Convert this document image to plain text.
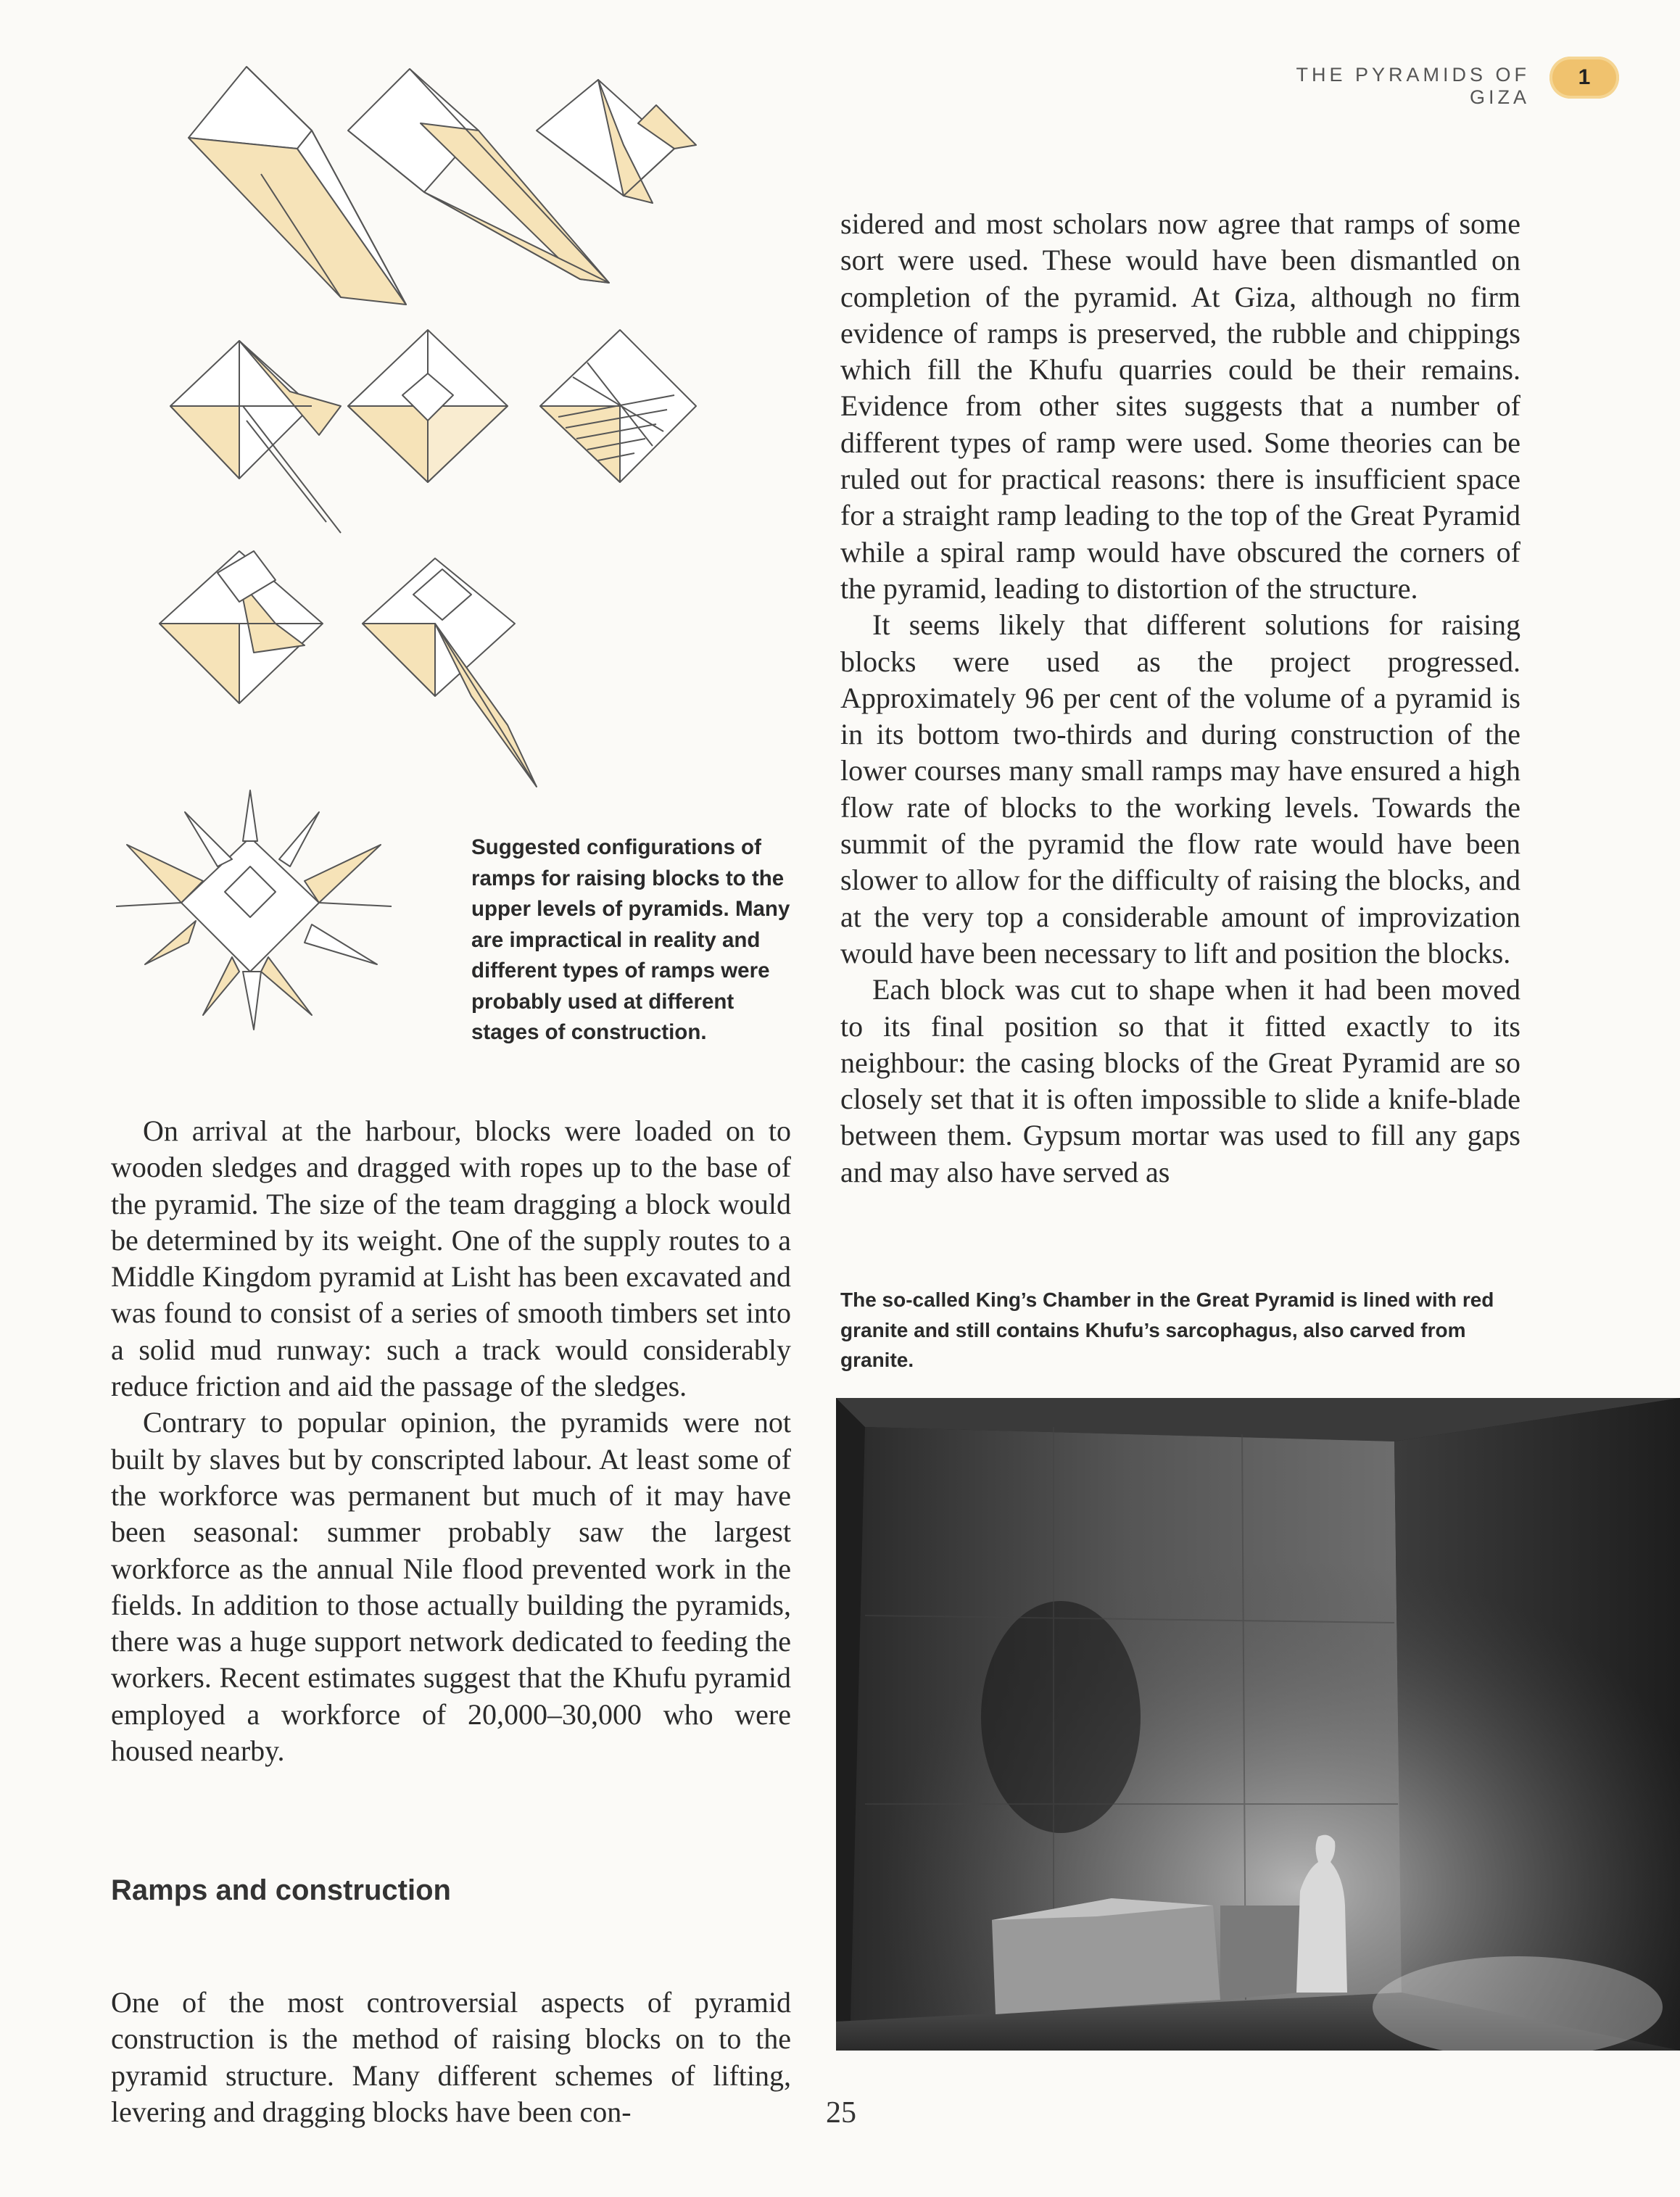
THE PYRAMIDS OF GIZA
1
Suggested configurations of ramps for raising blocks to the upper levels of pyramids. Many are impractical in reality and different types of ramps were probably used at different stages of construction.

On arrival at the harbour, blocks were loaded on to wooden sledges and dragged with ropes up to the base of the pyramid. The size of the team dragging a block would be determined by its weight. One of the supply routes to a Middle Kingdom pyramid at Lisht has been excavated and was found to consist of a series of smooth timbers set into a solid mud runway: such a track would considerably reduce friction and aid the passage of the sledges.

Contrary to popular opinion, the pyramids were not built by slaves but by conscripted labour. At least some of the workforce was permanent but much of it may have been seasonal: summer probably saw the largest workforce as the annual Nile flood prevented work in the fields. In addition to those actually building the pyramids, there was a huge support network dedicated to feeding the workers. Recent estimates suggest that the Khufu pyramid employed a workforce of 20,000–30,000 who were housed nearby.

Ramps and construction

One of the most controversial aspects of pyramid construction is the method of raising blocks on to the pyramid structure. Many different schemes of lifting, levering and dragging blocks have been con-

sidered and most scholars now agree that ramps of some sort were used. These would have been dismantled on completion of the pyramid. At Giza, although no firm evidence of ramps is preserved, the rubble and chippings which fill the Khufu quarries could be their remains. Evidence from other sites suggests that a number of different types of ramp were used. Some theories can be ruled out for practical reasons: there is insufficient space for a straight ramp leading to the top of the Great Pyramid while a spiral ramp would have obscured the corners of the pyramid, leading to distortion of the structure.

It seems likely that different solutions for raising blocks were used as the project progressed. Approximately 96 per cent of the volume of a pyramid is in its bottom two-thirds and during construction of the lower courses many small ramps may have ensured a high flow rate of blocks to the working levels. Towards the summit of the pyramid the flow rate would have been slower to allow for the difficulty of raising the blocks, and at the very top a considerable amount of improvization would have been necessary to lift and position the blocks.

Each block was cut to shape when it had been moved to its final position so that it fitted exactly to its neighbour: the casing blocks of the Great Pyramid are so closely set that it is often impossible to slide a knife-blade between them. Gypsum mortar was used to fill any gaps and may also have served as

The so-called King’s Chamber in the Great Pyramid is lined with red granite and still contains Khufu’s sarcophagus, also carved from granite.
25
